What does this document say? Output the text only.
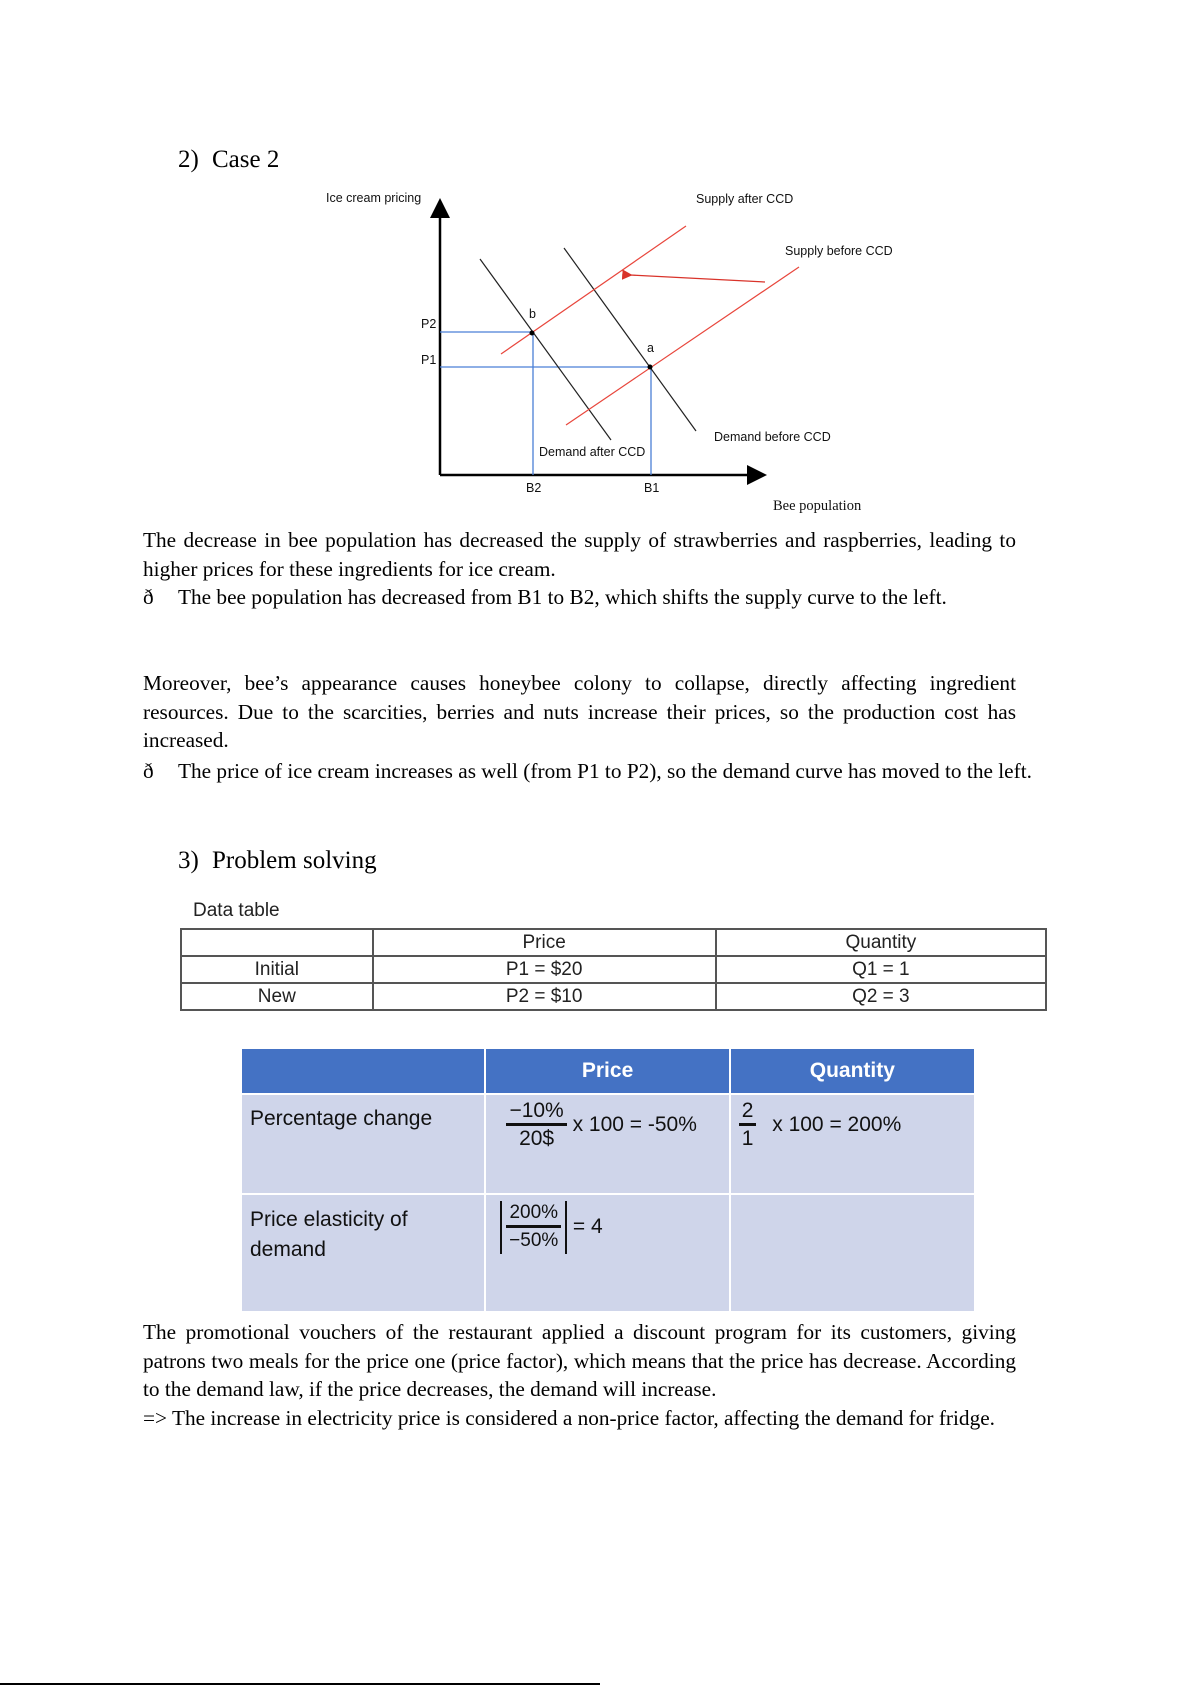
2) Case 2
Ice cream pricing
P2
P1
B2	B1
b
a
Supply after CCD
Supply before CCD
Demand after CCD
Demand before CCD
Bee population
The decrease in bee population has decreased the supply of strawberries and raspberries, leading to higher prices for these ingredients for ice cream.
ð The bee population has decreased from B1 to B2, which shifts the supply curve to the left.
Moreover, bee’s appearance causes honeybee colony to collapse, directly affecting ingredient resources. Due to the scarcities, berries and nuts increase their prices, so the production cost has increased.
ð The price of ice cream increases as well (from P1 to P2), so the demand curve has moved to the left.
3) Problem solving
Data table
	Price	Quantity
Initial	P1 = $20	Q1 = 1
New	P2 = $10	Q2 = 3
	Price	Quantity
Percentage change	$\frac{-10\%}{20\$}$ x 100 = -50%	$\frac{2}{1}$ x 100 = 200%
Price elasticity of demand	$\frac{200\%}{-50\%} = 4$	
The promotional vouchers of the restaurant applied a discount program for its customers, giving patrons two meals for the price one (price factor), which means that the price has decrease. According to the demand law, if the price decreases, the demand will increase.
=> The increase in electricity price is considered a non-price factor, affecting the demand for fridge.
